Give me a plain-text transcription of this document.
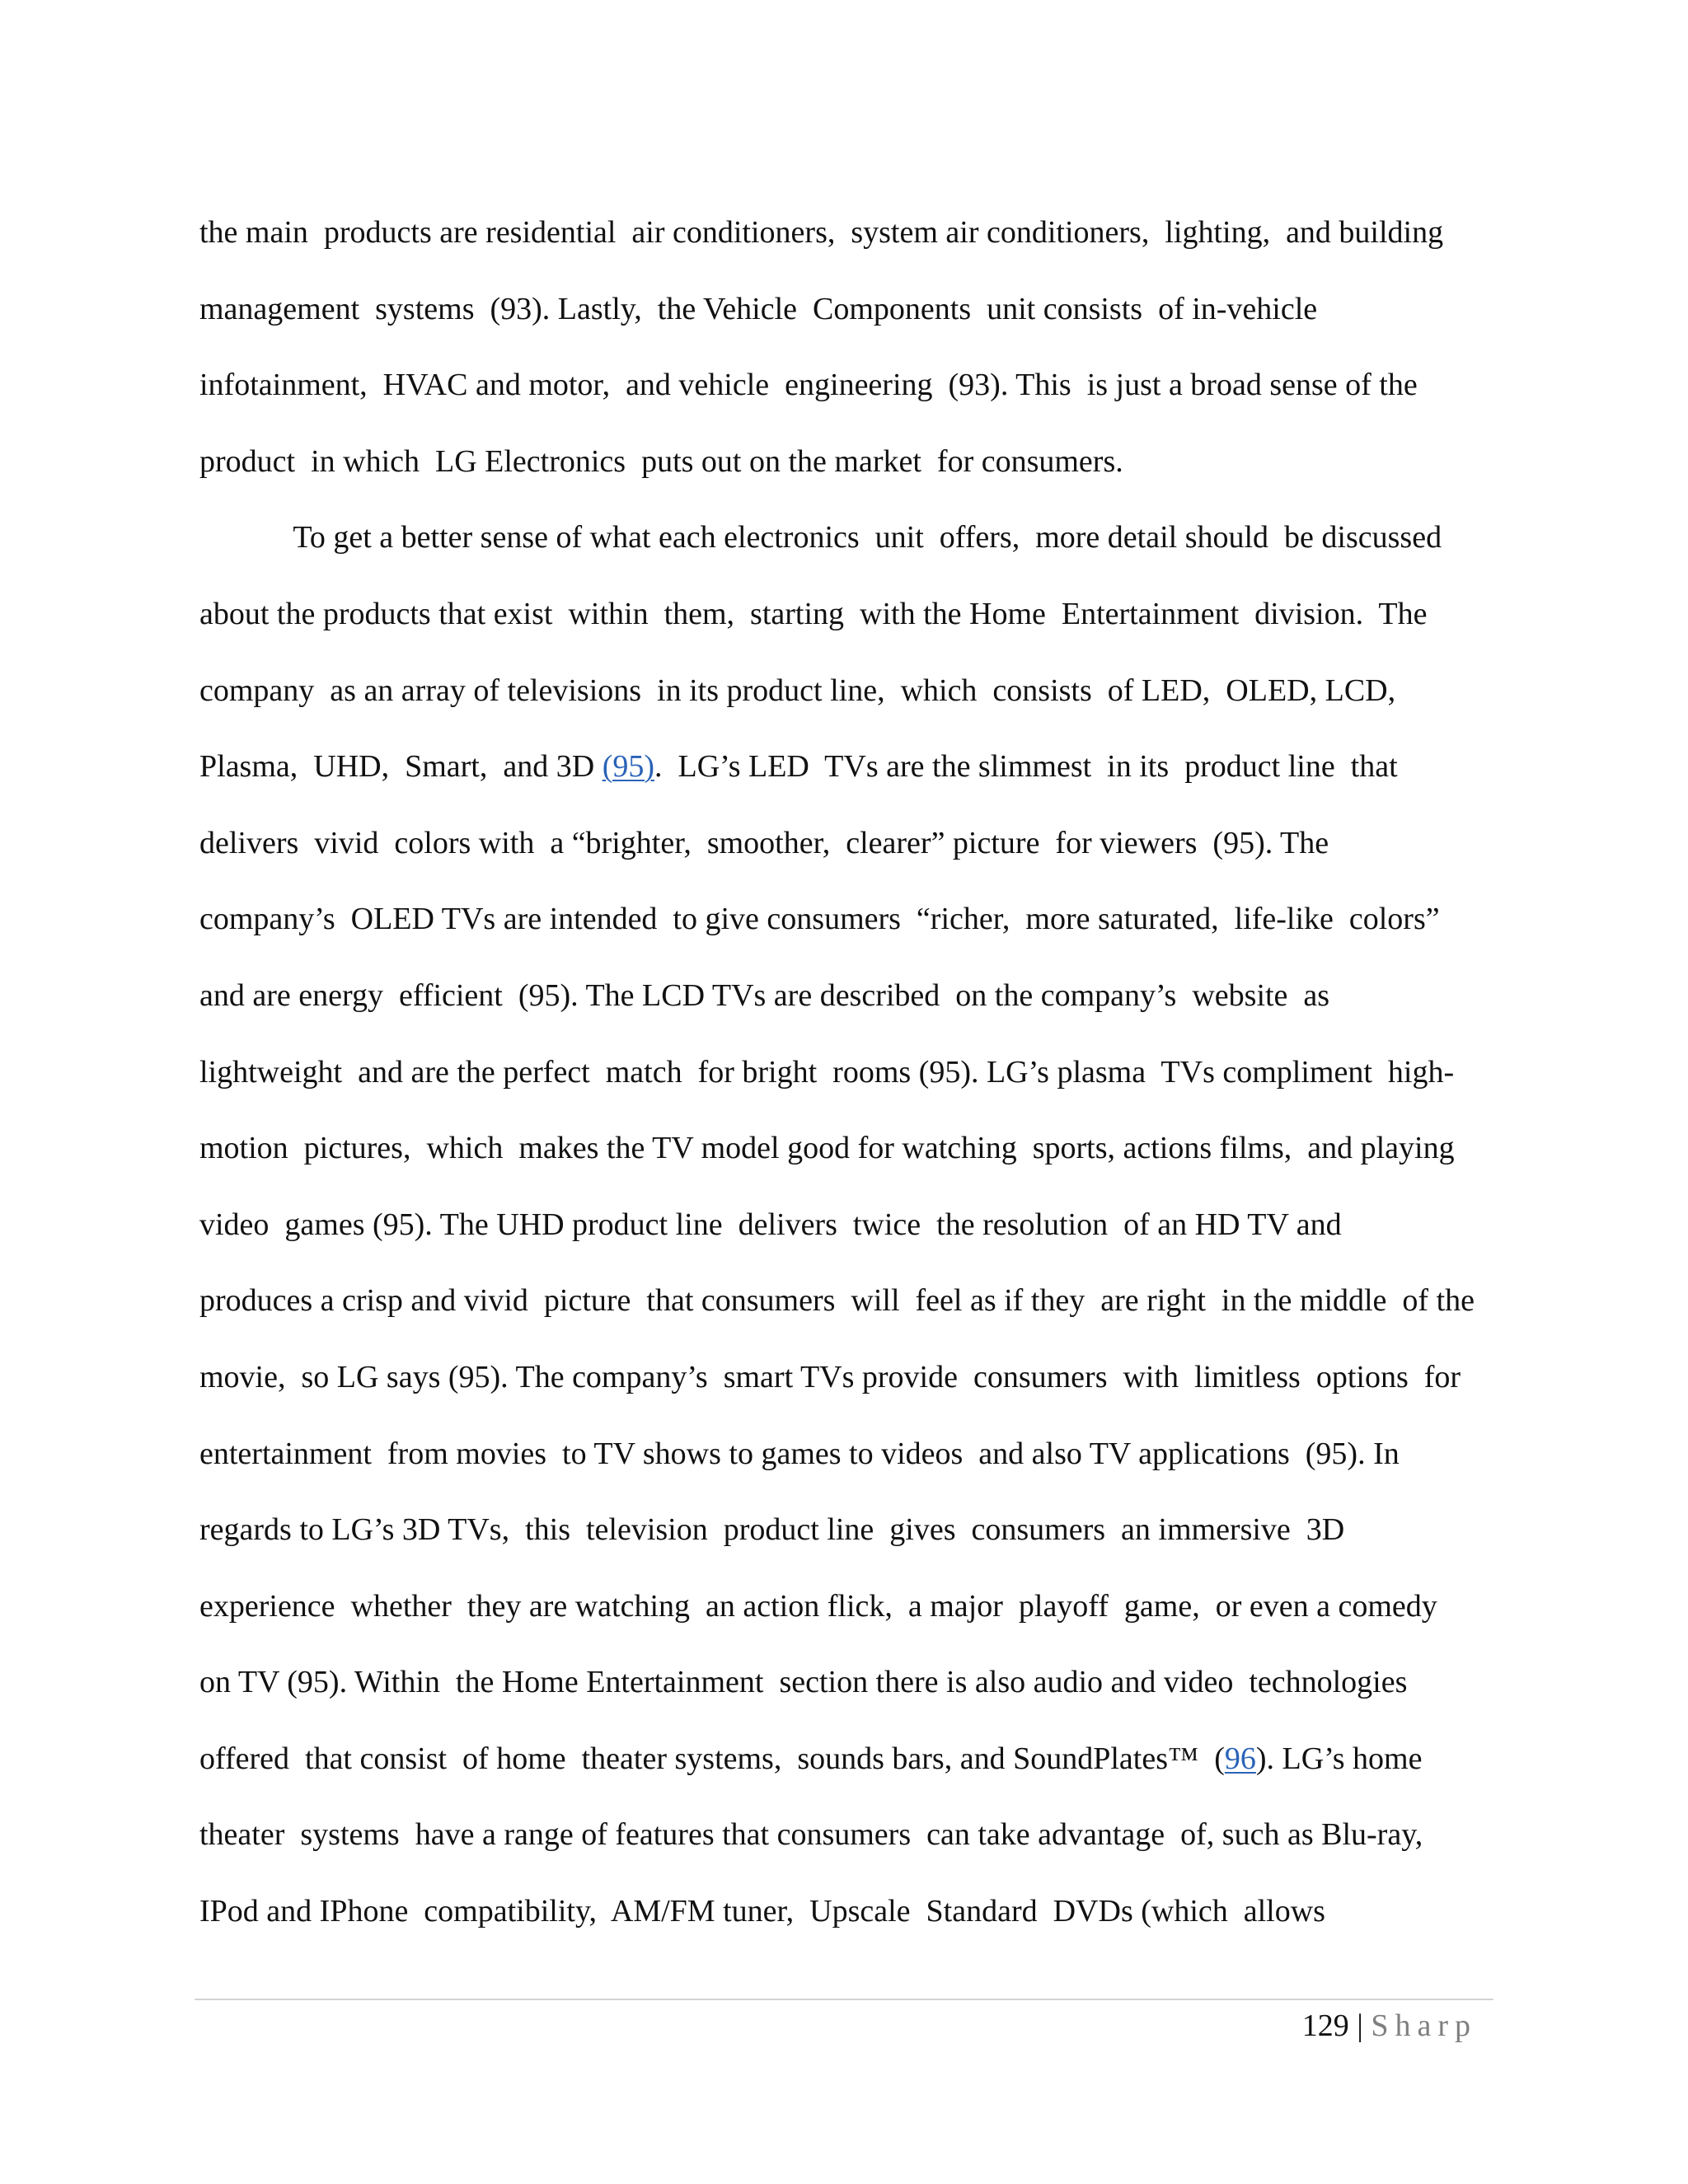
the main  products are residential  air conditioners,  system air conditioners,  lighting,  and building
management  systems  (93). Lastly,  the Vehicle  Components  unit consists  of in-vehicle
infotainment,  HVAC and motor,  and vehicle  engineering  (93). This  is just a broad sense of the
product  in which  LG Electronics  puts out on the market  for consumers.
To get a better sense of what each electronics  unit  offers,  more detail should  be discussed
about the products that exist  within  them,  starting  with the Home  Entertainment  division.  The
company  as an array of televisions  in its product line,  which  consists  of LED,  OLED, LCD,
Plasma,  UHD,  Smart,  and 3D (95).  LG’s LED  TVs are the slimmest  in its  product line  that
delivers  vivid  colors with  a “brighter,  smoother,  clearer” picture  for viewers  (95). The
company’s  OLED TVs are intended  to give consumers  “richer,  more saturated,  life-like  colors”
and are energy  efficient  (95). The LCD TVs are described  on the company’s  website  as
lightweight  and are the perfect  match  for bright  rooms (95). LG’s plasma  TVs compliment  high-
motion  pictures,  which  makes the TV model good for watching  sports, actions films,  and playing
video  games (95). The UHD product line  delivers  twice  the resolution  of an HD TV and
produces a crisp and vivid  picture  that consumers  will  feel as if they  are right  in the middle  of the
movie,  so LG says (95). The company’s  smart TVs provide  consumers  with  limitless  options  for
entertainment  from movies  to TV shows to games to videos  and also TV applications  (95). In
regards to LG’s 3D TVs,  this  television  product line  gives  consumers  an immersive  3D
experience  whether  they are watching  an action flick,  a major  playoff  game,  or even a comedy
on TV (95). Within  the Home Entertainment  section there is also audio and video  technologies
offered  that consist  of home  theater systems,  sounds bars, and SoundPlates™  (96). LG’s home
theater  systems  have a range of features that consumers  can take advantage  of, such as Blu-ray,
IPod and IPhone  compatibility,  AM/FM tuner,  Upscale  Standard  DVDs (which  allows
129 | Sharp
